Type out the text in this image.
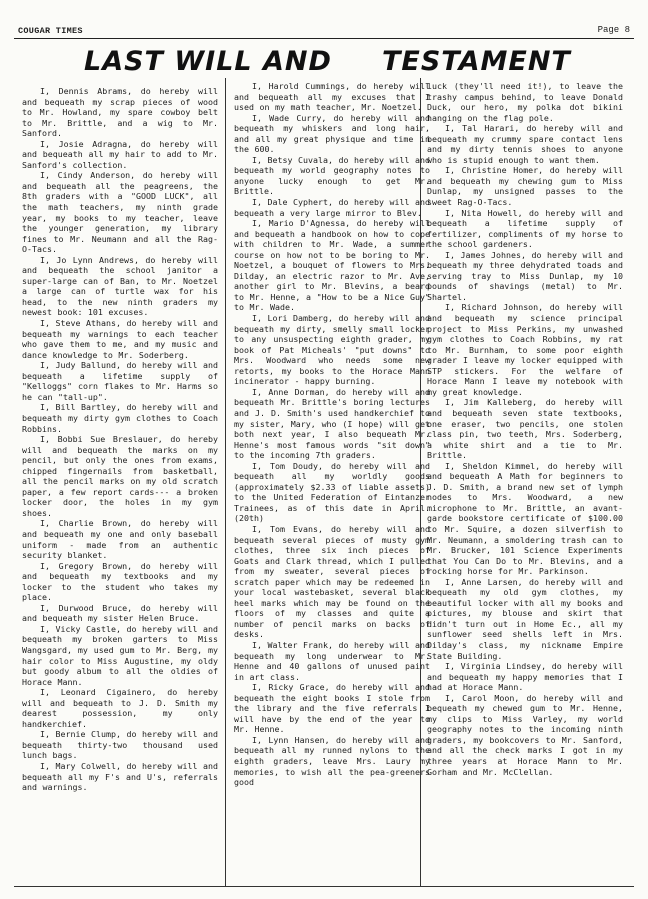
COUGAR TIMES	Page 8
LAST WILL AND TESTAMENT

I, Dennis Abrams, do hereby will and bequeath my scrap pieces of wood to Mr. Howland, my spare cowboy belt to Mr. Brittle, and a wig to Mr. Sanford.

I, Josie Adragna, do hereby will and bequeath all my hair to add to Mr. Sanford's collection.

I, Cindy Anderson, do hereby will and bequeath all the peagreens, the 8th graders with a "GOOD LUCK", all the math teachers, my ninth grade year, my books to my teacher, leave the younger generation, my library fines to Mr. Neumann and all the Rag-O-Tacs.

I, Jo Lynn Andrews, do hereby will and bequeath the school janitor a super-large can of Ban, to Mr. Noetzel a large can of turtle wax for his head, to the new ninth graders my newest book: 101 excuses.

I, Steve Athans, do hereby will and bequeath my warnings to each teacher who gave them to me, and my music and dance knowledge to Mr. Soderberg.

I, Judy Ballund, do hereby will and bequeath a lifetime supply of "Kelloggs" corn flakes to Mr. Harms so he can "tall-up".

I, Bill Bartley, do hereby will and bequeath my dirty gym clothes to Coach Robbins.

I, Bobbi Sue Breslauer, do hereby will and bequeath the marks on my pencil, but only the ones from exams, chipped fingernails from basketball, all the pencil marks on my old scratch paper, a few report cards--- a broken locker door, the holes in my gym shoes.

I, Charlie Brown, do hereby will and bequeath my one and only baseball uniform - made from an authentic security blanket.

I, Gregory Brown, do hereby will and bequeath my textbooks and my locker to the student who takes my place.

I, Durwood Bruce, do hereby will and bequeath my sister Helen Bruce.

I, Vicky Castle, do hereby will and bequeath my broken garters to Miss Wangsgard, my used gum to Mr. Berg, my hair color to Miss Augustine, my oldy but goody album to all the oldies of Horace Mann.

I, Leonard Cigainero, do hereby will and bequeath to J. D. Smith my dearest possession, my only handkerchief.

I, Bernie Clump, do hereby will and bequeath thirty-two thousand used lunch bags.

I, Mary Colwell, do hereby will and bequeath all my F's and U's, referrals and warnings.

I, Harold Cummings, do hereby will and bequeath all my excuses that I used on my math teacher, Mr. Noetzel.

I, Wade Curry, do hereby will and bequeath my whiskers and long hair, and all my great physique and time in the 600.

I, Betsy Cuvala, do hereby will and bequeath my world geography notes to anyone lucky enough to get Mr. Brittle.

I, Dale Cyphert, do hereby will and bequeath a very large mirror to Blev.

I, Mario D'Agnessa, do hereby will and bequeath a handbook on how to cope with children to Mr. Wade, a summer course on how not to be boring to Mr. Noetzel, a bouquet of flowers to Mrs. Dilday, an electric razor to Mr. Ave, another girl to Mr. Blevins, a beard to Mr. Henne, a "How to be a Nice Guy" to Mr. Wade.

I, Lori Damberg, do hereby will and bequeath my dirty, smelly small locker to any unsuspecting eighth grader, my book of Pat Micheals' "put downs" to Mrs. Woodward who needs some new retorts, my books to the Horace Mann incinerator - happy burning.

I, Anne Dorman, do hereby will and bequeath Mr. Brittle's boring lectures and J. D. Smith's used handkerchief to my sister, Mary, who (I hope) will get both next year, I also bequeath Mr. Henne's most famous words "sit down" to the incoming 7th graders.

I, Tom Doudy, do hereby will and bequeath all my worldly goods (approximately $2.33 of liable assets) to the United Federation of Eintanzer Trainees, as of this date in April. (20th)

I, Tom Evans, do hereby will and bequeath several pieces of musty gym clothes, three six inch pieces of Goats and Clark thread, which I pulled from my sweater, several pieces of scratch paper which may be redeemed in your local wastebasket, several black heel marks which may be found on the floors of my classes and quite a number of pencil marks on backs of desks.

I, Walter Frank, do hereby will and bequeath my long underwear to Mr. Henne and 40 gallons of unused paint in art class.

I, Ricky Grace, do hereby will and bequeath the eight books I stole from the library and the five referrals I will have by the end of the year to Mr. Henne.

I, Lynn Hansen, do hereby will and bequeath all my runned nylons to the eighth graders, leave Mrs. Laury my memories, to wish all the pea-greeners good

luck (they'll need it!), to leave the trashy campus behind, to leave Donald Duck, our hero, my polka dot bikini hanging on the flag pole.

I, Tal Harari, do hereby will and bequeath my crummy spare contact lens and my dirty tennis shoes to anyone who is stupid enough to want them.

I, Christine Homer, do hereby will and bequeath my chewing gum to Miss Dunlap, my unsigned passes to the sweet Rag-O-Tacs.

I, Nita Howell, do hereby will and bequeath a lifetime supply of fertilizer, compliments of my horse to the school gardeners.

I, James Johnes, do hereby will and bequeath my three dehydrated toads and serving tray to Miss Dunlap, my 10 pounds of shavings (metal) to Mr. Shartel.

I, Richard Johnson, do hereby will and bequeath my science principal project to Miss Perkins, my unwashed gym clothes to Coach Robbins, my rat to Mr. Burnham, to some poor eighth grader I leave my locker equipped with STP stickers. For the welfare of Horace Mann I leave my notebook with my great knowledge.

I, Jim Kalleberg, do hereby will and bequeath seven state textbooks, one eraser, two pencils, one stolen class pin, two teeth, Mrs. Soderberg, a white shirt and a tie to Mr. Brittle.

I, Sheldon Kimmel, do hereby will and bequeath A Math for beginners to J. D. Smith, a brand new set of lymph nodes to Mrs. Woodward, a new microphone to Mr. Brittle, an avant-garde bookstore certificate of $100.00 to Mr. Squire, a dozen silverfish to Mr. Neumann, a smoldering trash can to Mr. Brucker, 101 Science Experiments that You Can Do to Mr. Blevins, and a rocking horse for Mr. Parkinson.

I, Anne Larsen, do hereby will and bequeath my old gym clothes, my beautiful locker with all my books and pictures, my blouse and skirt that didn't turn out in Home Ec., all my sunflower seed shells left in Mrs. Dilday's class, my nickname Empire State Building.

I, Virginia Lindsey, do hereby will and bequeath my happy memories that I had at Horace Mann.

I, Carol Moon, do hereby will and bequeath my chewed gum to Mr. Henne, my clips to Miss Varley, my world geography notes to the incoming ninth graders, my bookcovers to Mr. Sanford, and all the check marks I got in my three years at Horace Mann to Mr. Gorham and Mr. McClellan.
